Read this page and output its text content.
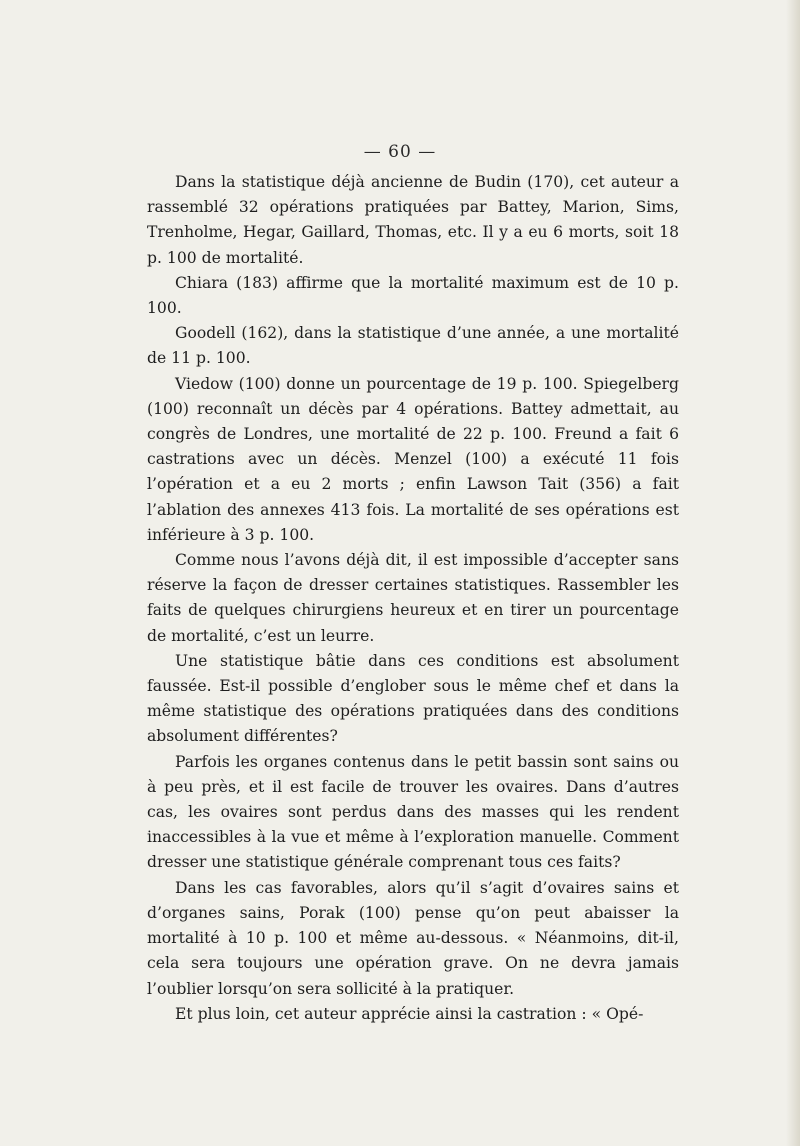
— 60 —

Dans la statistique déjà ancienne de Budin (170), cet auteur a rassemblé 32 opérations pratiquées par Battey, Marion, Sims, Trenholme, Hegar, Gaillard, Thomas, etc. Il y a eu 6 morts, soit 18 p. 100 de mortalité.

Chiara (183) affirme que la mortalité maximum est de 10 p. 100.

Goodell (162), dans la statistique d’une année, a une mortalité de 11 p. 100.

Viedow (100) donne un pourcentage de 19 p. 100. Spiegelberg (100) reconnaît un décès par 4 opérations. Battey admettait, au congrès de Londres, une mortalité de 22 p. 100. Freund a fait 6 castrations avec un décès. Menzel (100) a exécuté 11 fois l’opération et a eu 2 morts ; enfin Lawson Tait (356) a fait l’ablation des annexes 413 fois. La mortalité de ses opérations est inférieure à 3 p. 100.

Comme nous l’avons déjà dit, il est impossible d’accepter sans réserve la façon de dresser certaines statistiques. Rassembler les faits de quelques chirurgiens heureux et en tirer un pourcentage de mortalité, c’est un leurre.

Une statistique bâtie dans ces conditions est absolument faussée. Est-il possible d’englober sous le même chef et dans la même statistique des opérations pratiquées dans des conditions absolument différentes?

Parfois les organes contenus dans le petit bassin sont sains ou à peu près, et il est facile de trouver les ovaires. Dans d’autres cas, les ovaires sont perdus dans des masses qui les rendent inaccessibles à la vue et même à l’exploration manuelle. Comment dresser une statistique générale comprenant tous ces faits?

Dans les cas favorables, alors qu’il s’agit d’ovaires sains et d’organes sains, Porak (100) pense qu’on peut abaisser la mortalité à 10 p. 100 et même au-dessous. « Néanmoins, dit-il, cela sera toujours une opération grave. On ne devra jamais l’oublier lorsqu’on sera sollicité à la pratiquer.

Et plus loin, cet auteur apprécie ainsi la castration : « Opé-
